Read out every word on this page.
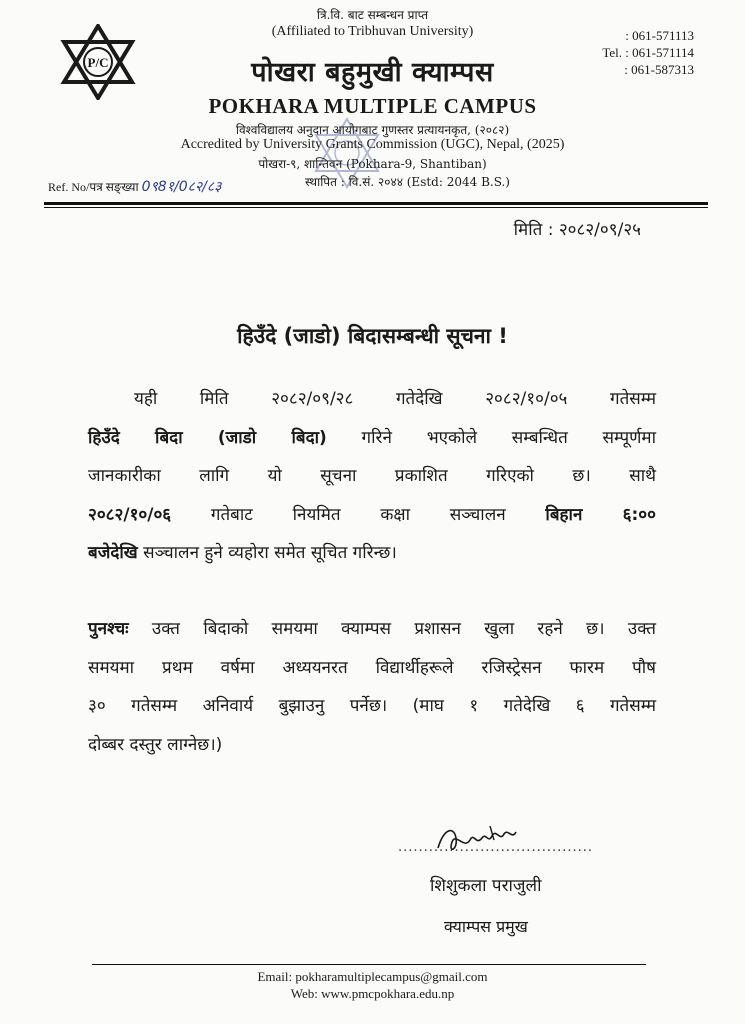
P/C
त्रि.वि. बाट सम्बन्धन प्राप्त
(Affiliated to Tribhuvan University)
पोखरा बहुमुखी क्याम्पस
POKHARA MULTIPLE CAMPUS
विश्वविद्यालय अनुदान आयोगबाट गुणस्तर प्रत्यायनकृत, (२०८२)
Accredited by University Grants Commission (UGC), Nepal, (2025)
पोखरा-९, शान्तिवन (Pokhara-9, Shantiban)
स्थापित : वि.सं. २०४४ (Estd: 2044 B.S.)
: 061-571113
Tel. : 061-571114
: 061-587313
Ref. No/पत्र सङ्ख्या 0९8१/0८२/८३
मिति : २०८२/०९/२५
हिउँदे (जाडो) बिदासम्बन्धी सूचना !
यही मिति २०८२/०९/२८ गतेदेखि २०८२/१०/०५ गतेसम्म
हिउँदे बिदा (जाडो बिदा) गरिने भएकोले सम्बन्धित सम्पूर्णमा
जानकारीका लागि यो सूचना प्रकाशित गरिएको छ। साथै
२०८२/१०/०६ गतेबाट नियमित कक्षा सञ्चालन बिहान ६:००
बजेदेखि सञ्चालन हुने व्यहोरा समेत सूचित गरिन्छ।
पुनश्चः उक्त बिदाको समयमा क्याम्पस प्रशासन खुला रहने छ। उक्त
समयमा प्रथम वर्षमा अध्ययनरत विद्यार्थीहरूले रजिस्ट्रेसन फारम पौष
३० गतेसम्म अनिवार्य बुझाउनु पर्नेछ। (माघ १ गतेदेखि ६ गतेसम्म
दोब्बर दस्तुर लाग्नेछ।)
......................................
शिशुकला पराजुली
क्याम्पस प्रमुख
Email: pokharamultiplecampus@gmail.com
Web: www.pmcpokhara.edu.np
